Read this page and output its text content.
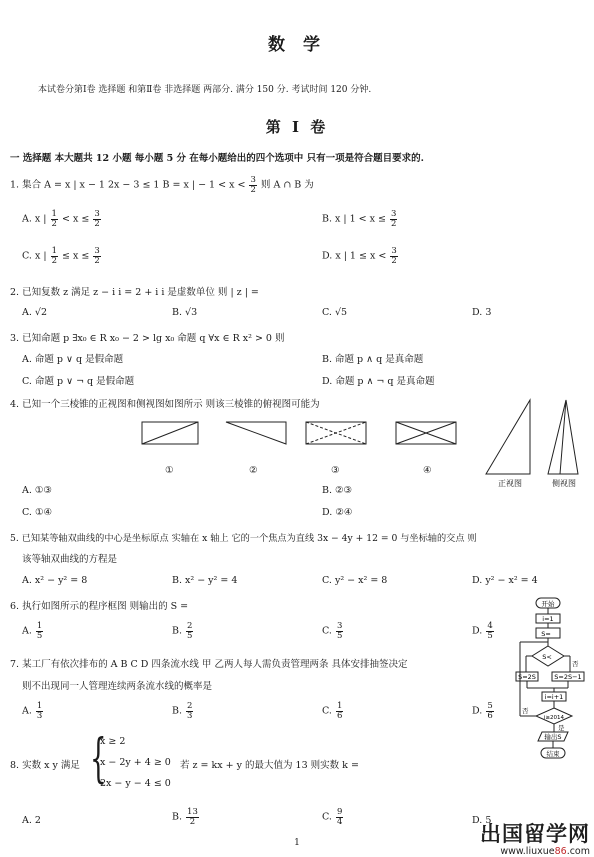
数 学
本试卷分第Ⅰ卷 选择题 和第Ⅱ卷 非选择题 两部分. 满分 150 分. 考试时间 120 分钟.
第 Ⅰ 卷
一 选择题 本大题共 12 小题 每小题 5 分 在每小题给出的四个选项中 只有一项是符合题目要求的.
1. 集合 A = x | x − 1 2x − 3 ≤ 1 B = x | − $1 < x < \frac{3}{2}$ 则 A ∩ B 为
A. x | $\frac{1}{2} < x \le \frac{3}{2}$	B. x | $1 < x \le \frac{3}{2}$
C. x | $\frac{1}{2} \le x \le \frac{3}{2}$	D. x | $1 \le x < \frac{3}{2}$
2. 已知复数 z 满足 z − i i = 2 + i i 是虚数单位 则 | z | =
A. √2	B. √3	C. √5	D. 3
3. 已知命题 p ∃x₀ ∈ R x₀ − 2 > lg x₀ 命题 q ∀x ∈ R x² > 0 则
A. 命题 p ∨ q 是假命题	B. 命题 p ∧ q 是真命题
C. 命题 p ∨ ¬ q 是假命题	D. 命题 p ∧ ¬ q 是真命题
4. 已知一个三棱锥的正视图和侧视图如图所示 则该三棱锥的俯视图可能为
①	②	③	④
正视图	侧视图
A. ①③	B. ②③
C. ①④	D. ②④
5. 已知某等轴双曲线的中心是坐标原点 实轴在 x 轴上 它的一个焦点为直线 3x − 4y + 12 = 0 与坐标轴的交点 则
该等轴双曲线的方程是
A. x² − y² = 8	B. x² − y² = 4	C. y² − x² = 8	D. y² − x² = 4
6. 执行如图所示的程序框图 则输出的 S =
A. $\frac{1}{5}$	B. $\frac{2}{5}$	C. $\frac{3}{5}$	D. $\frac{4}{5}$
开始
i=1
S=
S<
否
S=2S	S=2S−1
i=i+1
i≥2014
否
是
输出S
结束
7. 某工厂有依次排布的 A B C D 四条流水线 甲 乙两人每人需负责管理两条 具体安排抽签决定
则不出现同一人管理连续两条流水线的概率是
A. $\frac{1}{3}$	B. $\frac{2}{3}$	C. $\frac{1}{6}$	D. $\frac{5}{6}$
8. 实数 x y 满足 {
x ≥ 2
x − 2y + 4 ≥ 0
2x − y − 4 ≤ 0
若 z = kx + y 的最大值为 13 则实数 k =
A. 2	B. $\frac{13}{2}$	C. $\frac{9}{4}$	D. 5
1	出国留学网
www.liuxue86.com
